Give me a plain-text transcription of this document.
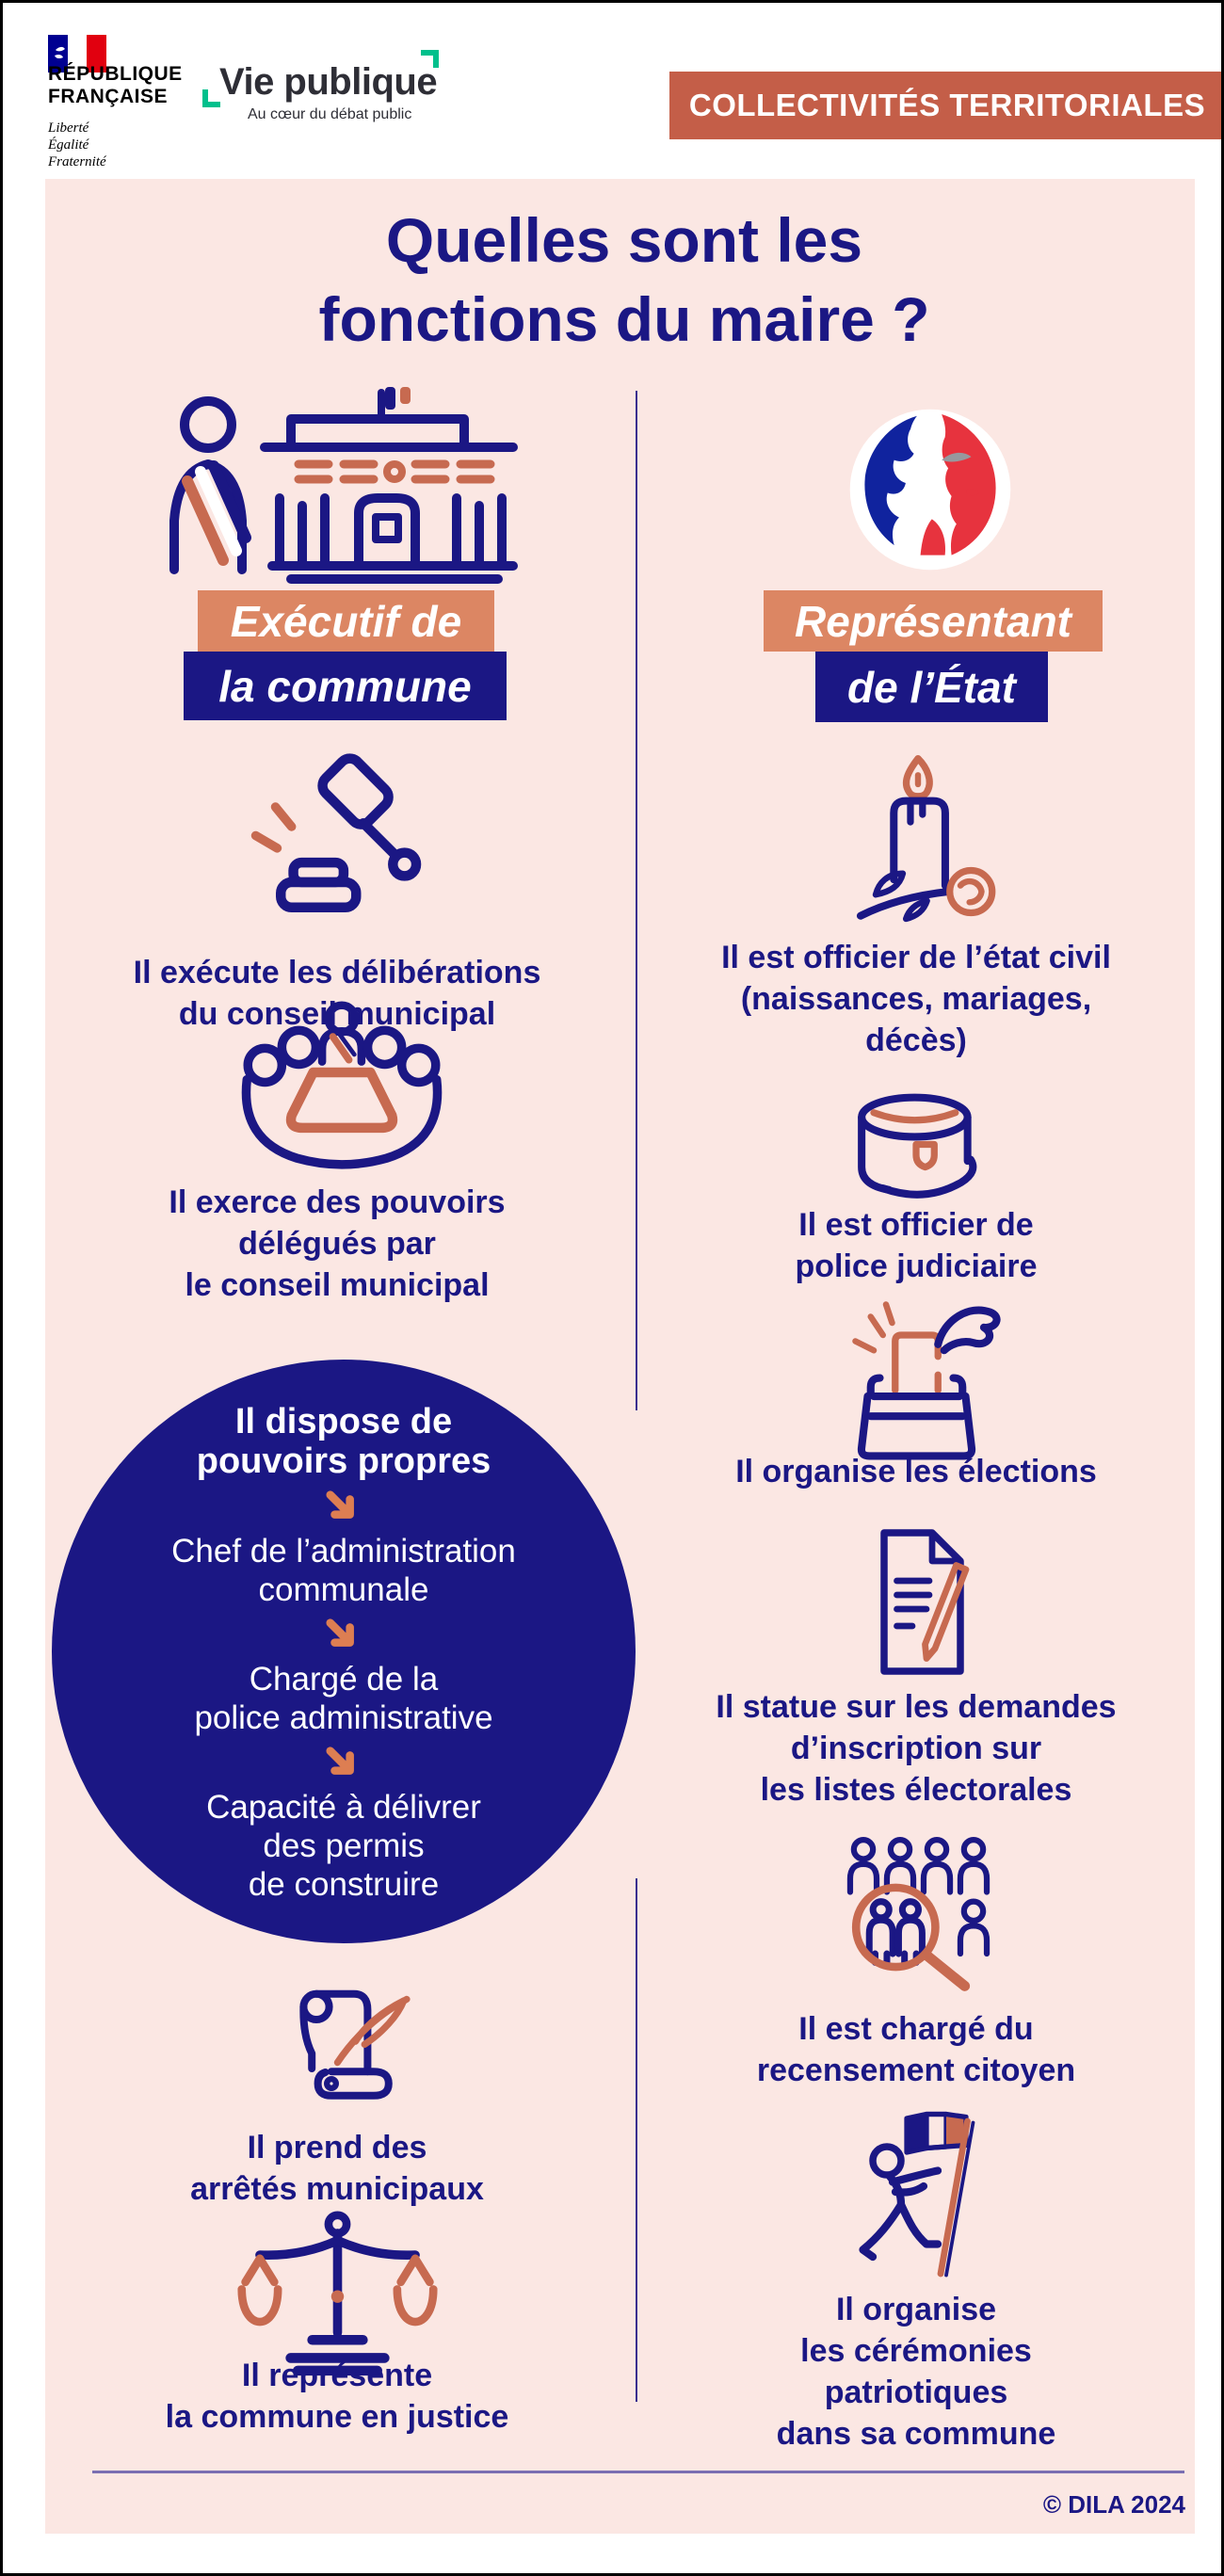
RÉPUBLIQUE
FRANÇAISE
Liberté
Égalité
Fraternité
Vie publique
Au cœur du débat public	COLLECTIVITÉS TERRITORIALES
Quelles sont les
fonctions du maire ?
Exécutif de
la commune
Il exécute les délibérations
du conseil municipal
Il exerce des pouvoirs
délégués par
le conseil municipal
Il dispose de
pouvoirs propres
Chef de l’administration
communale
Chargé de la
police administrative
Capacité à délivrer
des permis
de construire
Il prend des
arrêtés municipaux
Il représente
la commune en justice
Représentant
de l’État
Il est officier de l’état civil
(naissances, mariages,
décès)
Il est officier de
police judiciaire
Il organise les élections
Il statue sur les demandes
d’inscription sur
les listes électorales
Il est chargé du
recensement citoyen
Il organise
les cérémonies
patriotiques
dans sa commune
© DILA 2024
